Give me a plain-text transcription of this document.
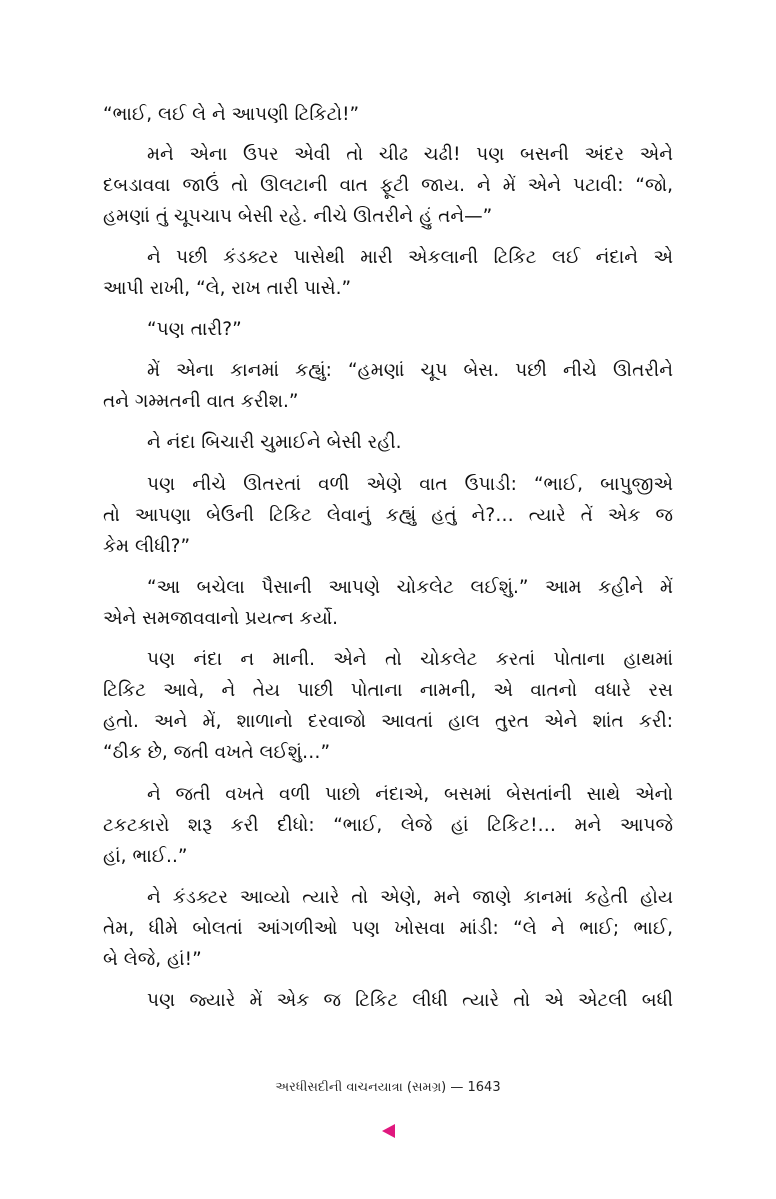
“ભાઈ, લઈ લે ને આપણી ટિકિટો!”
મને એના ઉપર એવી તો ચીઢ ચઢી! પણ બસની અંદર એને
દબડાવવા જાઉં તો ઊલટાની વાત ફૂટી જાય. ને મેં એને પટાવી: “જો,
હમણાં તું ચૂપચાપ બેસી રહે. નીચે ઊતરીને હું તને—”
ને પછી કંડક્ટર પાસેથી મારી એકલાની ટિકિટ લઈ નંદાને એ
આપી રાખી, “લે, રાખ તારી પાસે.”
“પણ તારી?”
મેં એના કાનમાં કહ્યું: “હમણાં ચૂપ બેસ. પછી નીચે ઊતરીને
તને ગમ્મતની વાત કરીશ.”
ને નંદા બિચારી ચુમાઈને બેસી રહી.
પણ નીચે ઊતરતાં વળી એણે વાત ઉપાડી: “ભાઈ, બાપુજીએ
તો આપણા બેઉની ટિકિટ લેવાનું કહ્યું હતું ને?… ત્યારે તેં એક જ
કેમ લીધી?”
“આ બચેલા પૈસાની આપણે ચોકલેટ લઈશું.” આમ કહીને મેં
એને સમજાવવાનો પ્રયત્ન કર્યો.
પણ નંદા ન માની. એને તો ચોકલેટ કરતાં પોતાના હાથમાં
ટિકિટ આવે, ને તેય પાછી પોતાના નામની, એ વાતનો વધારે રસ
હતો. અને મેં, શાળાનો દરવાજો આવતાં હાલ તુરત એને શાંત કરી:
“ઠીક છે, જતી વખતે લઈશું…”
ને જતી વખતે વળી પાછો નંદાએ, બસમાં બેસતાંની સાથે એનો
ટકટકારો શરૂ કરી દીધો: “ભાઈ, લેજે હાં ટિકિટ!… મને આપજે
હાં, ભાઈ..”
ને કંડક્ટર આવ્યો ત્યારે તો એણે, મને જાણે કાનમાં કહેતી હોય
તેમ, ધીમે બોલતાં આંગળીઓ પણ ખોસવા માંડી: “લે ને ભાઈ; ભાઈ,
બે લેજે, હાં!”
પણ જ્યારે મેં એક જ ટિકિટ લીધી ત્યારે તો એ એટલી બધી
અરધીસદીની વાચનયાત્રા (સમગ્ર) — 1643
